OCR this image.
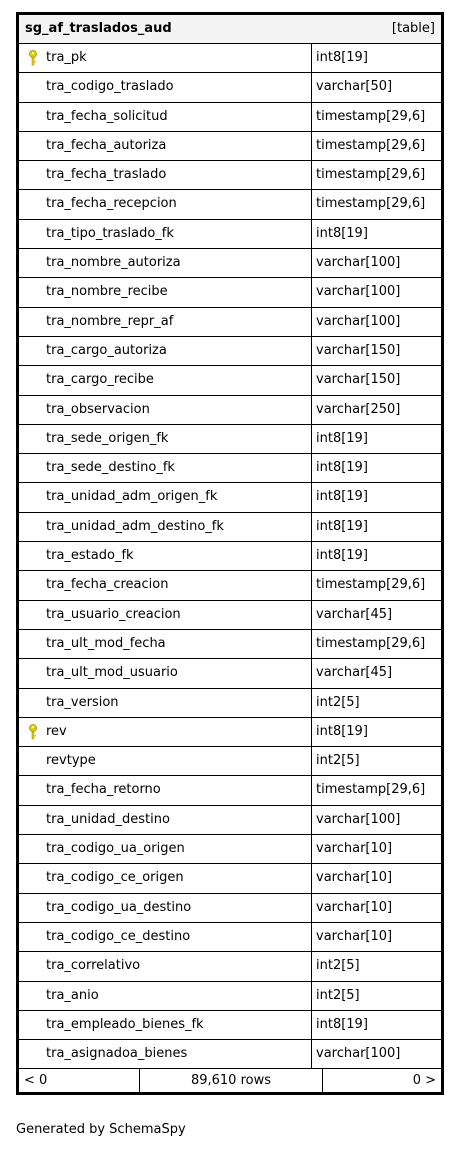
sg_af_traslados_aud	[table]
tra_pk	int8[19]
tra_codigo_traslado	varchar[50]
tra_fecha_solicitud	timestamp[29,6]
tra_fecha_autoriza	timestamp[29,6]
tra_fecha_traslado	timestamp[29,6]
tra_fecha_recepcion	timestamp[29,6]
tra_tipo_traslado_fk	int8[19]
tra_nombre_autoriza	varchar[100]
tra_nombre_recibe	varchar[100]
tra_nombre_repr_af	varchar[100]
tra_cargo_autoriza	varchar[150]
tra_cargo_recibe	varchar[150]
tra_observacion	varchar[250]
tra_sede_origen_fk	int8[19]
tra_sede_destino_fk	int8[19]
tra_unidad_adm_origen_fk	int8[19]
tra_unidad_adm_destino_fk	int8[19]
tra_estado_fk	int8[19]
tra_fecha_creacion	timestamp[29,6]
tra_usuario_creacion	varchar[45]
tra_ult_mod_fecha	timestamp[29,6]
tra_ult_mod_usuario	varchar[45]
tra_version	int2[5]
rev	int8[19]
revtype	int2[5]
tra_fecha_retorno	timestamp[29,6]
tra_unidad_destino	varchar[100]
tra_codigo_ua_origen	varchar[10]
tra_codigo_ce_origen	varchar[10]
tra_codigo_ua_destino	varchar[10]
tra_codigo_ce_destino	varchar[10]
tra_correlativo	int2[5]
tra_anio	int2[5]
tra_empleado_bienes_fk	int8[19]
tra_asignadoa_bienes	varchar[100]
< 0	89,610 rows	0 >
Generated by SchemaSpy
